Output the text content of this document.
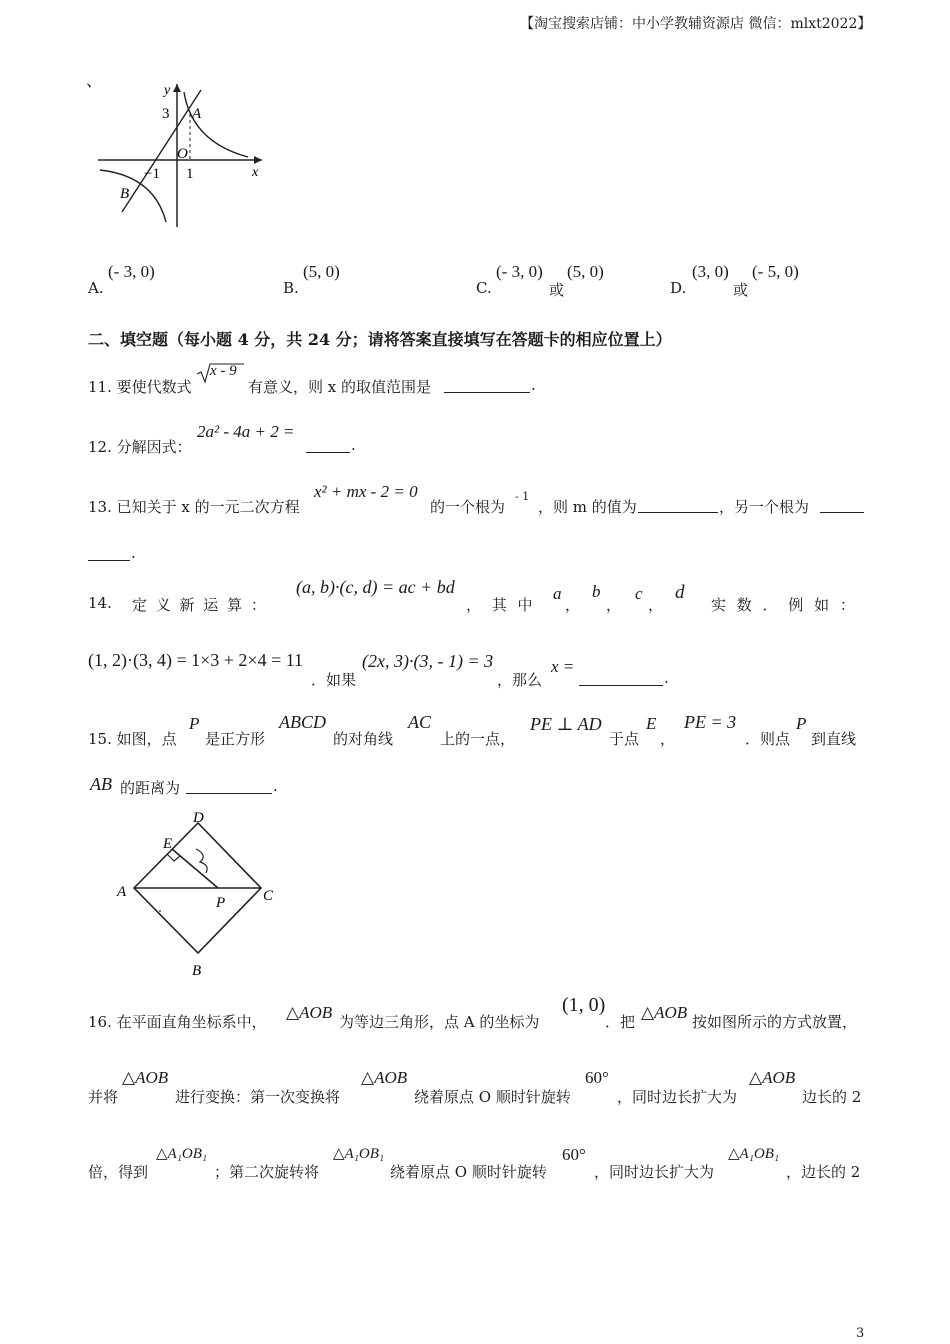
【淘宝搜索店铺：中小学教辅资源店 微信：mlxt2022】
、
y
x
3 A
O
−1 1
B
A.
(- 3, 0)
B.
(5, 0)
C.
(- 3, 0)
或
(5, 0)
D.
(3, 0)
或
(- 5, 0)
二、填空题（每小题 4 分，共 24 分；请将答案直接填写在答题卡的相应位置上）
11. 要使代数式
x - 9
有意义，则 x 的取值范围是	.
12. 分解因式：
2a² - 4a + 2 =
.
13. 已知关于 x 的一元二次方程
x² + mx - 2 = 0
的一个根为
- 1
，则 m 的值为	，另一个根为
.
14. 定 义 新 运 算 ：
(a, b)·(c, d) = ac + bd
， 其 中
a
，
b
，
c
，
d
实 数 ． 例 如 ：
(1, 2)·(3, 4) = 1×3 + 2×4 = 11
．如果
(2x, 3)·(3, - 1) = 3
，那么
x =
.
15. 如图，点
P
是正方形
ABCD
的对角线
AC
上的一点，
PE ⊥ AD
于点
E
，
PE = 3
．则点
P
到直线
AB 的距离为	.
D
E
A
P	C
B
16. 在平面直角坐标系中， △AOB 为等边三角形，点 A 的坐标为
(1, 0)
．把 △AOB 按如图所示的方式放置，
并将
△AOB
进行变换：第一次变换将
△AOB
绕着原点 O 顺时针旋转
60°
，同时边长扩大为
△AOB
边长的 2
倍，得到
△A₁OB₁
；第二次旋转将
△A₁OB₁
绕着原点 O 顺时针旋转
60°
，同时边长扩大为
△A₁OB₁
，边长的 2
3
